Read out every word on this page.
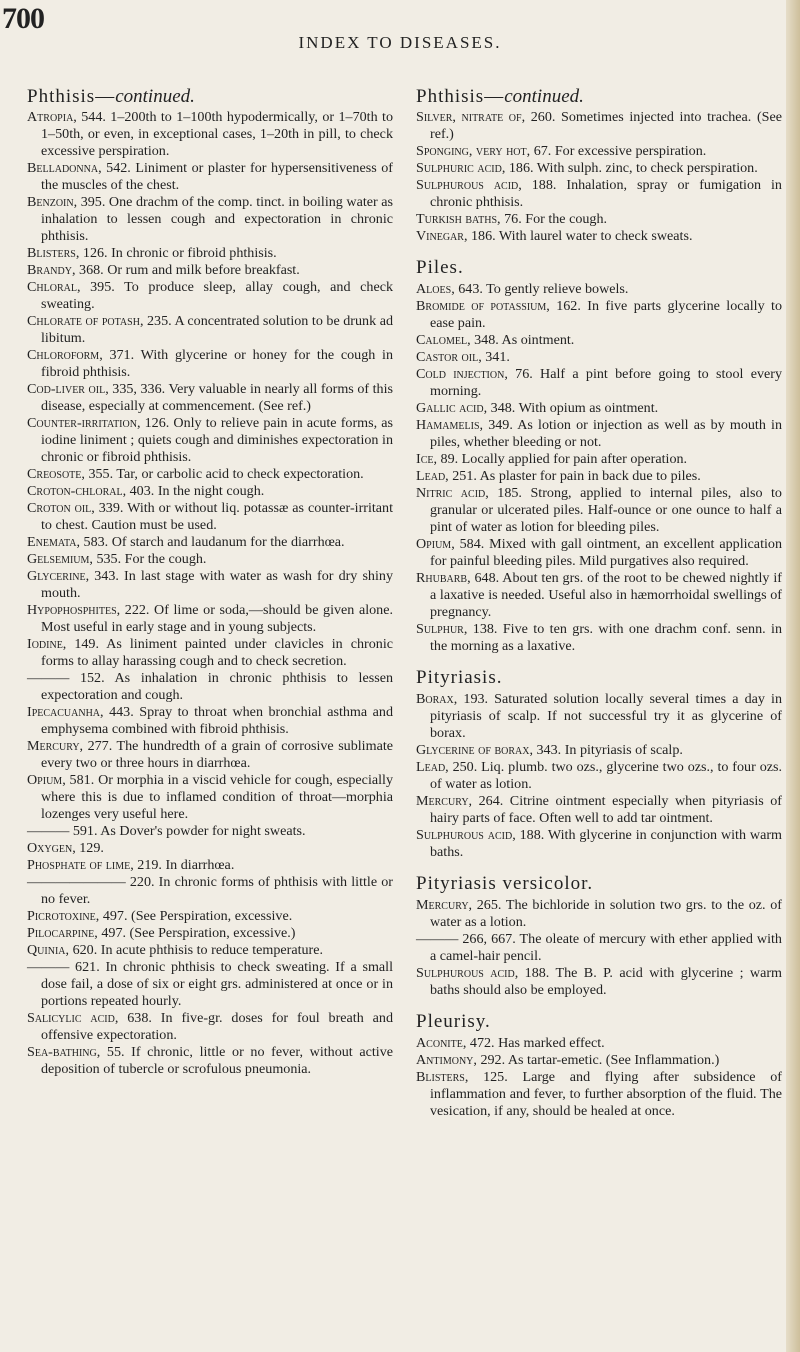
700
INDEX TO DISEASES.
Phthisis—continued.

Atropia, 544. 1–200th to 1–100th hypodermically, or 1–70th to 1–50th, or even, in exceptional cases, 1–20th in pill, to check excessive perspiration.

Belladonna, 542. Liniment or plaster for hypersensitiveness of the muscles of the chest.

Benzoin, 395. One drachm of the comp. tinct. in boiling water as inhalation to lessen cough and expectoration in chronic phthisis.

Blisters, 126. In chronic or fibroid phthisis.

Brandy, 368. Or rum and milk before breakfast.

Chloral, 395. To produce sleep, allay cough, and check sweating.

Chlorate of potash, 235. A concentrated solution to be drunk ad libitum.

Chloroform, 371. With glycerine or honey for the cough in fibroid phthisis.

Cod-liver oil, 335, 336. Very valuable in nearly all forms of this disease, especially at commencement. (See ref.)

Counter-irritation, 126. Only to relieve pain in acute forms, as iodine liniment ; quiets cough and diminishes expectoration in chronic or fibroid phthisis.

Creosote, 355. Tar, or carbolic acid to check expectoration.

Croton-chloral, 403. In the night cough.

Croton oil, 339. With or without liq. potassæ as counter-irritant to chest. Caution must be used.

Enemata, 583. Of starch and laudanum for the diarrhœa.

Gelsemium, 535. For the cough.

Glycerine, 343. In last stage with water as wash for dry shiny mouth.

Hypophosphites, 222. Of lime or soda,—should be given alone. Most useful in early stage and in young subjects.

Iodine, 149. As liniment painted under clavicles in chronic forms to allay harassing cough and to check secretion.

——— 152. As inhalation in chronic phthisis to lessen expectoration and cough.

Ipecacuanha, 443. Spray to throat when bronchial asthma and emphysema combined with fibroid phthisis.

Mercury, 277. The hundredth of a grain of corrosive sublimate every two or three hours in diarrhœa.

Opium, 581. Or morphia in a viscid vehicle for cough, especially where this is due to inflamed condition of throat—morphia lozenges very useful here.

——— 591. As Dover's powder for night sweats.

Oxygen, 129.

Phosphate of lime, 219. In diarrhœa.

——————— 220. In chronic forms of phthisis with little or no fever.

Picrotoxine, 497. (See Perspiration, excessive.

Pilocarpine, 497. (See Perspiration, excessive.)

Quinia, 620. In acute phthisis to reduce temperature.

——— 621. In chronic phthisis to check sweating. If a small dose fail, a dose of six or eight grs. administered at once or in portions repeated hourly.

Salicylic acid, 638. In five-gr. doses for foul breath and offensive expectoration.

Sea-bathing, 55. If chronic, little or no fever, without active deposition of tubercle or scrofulous pneumonia.

Phthisis—continued.

Silver, nitrate of, 260. Sometimes injected into trachea. (See ref.)

Sponging, very hot, 67. For excessive perspiration.

Sulphuric acid, 186. With sulph. zinc, to check perspiration.

Sulphurous acid, 188. Inhalation, spray or fumigation in chronic phthisis.

Turkish baths, 76. For the cough.

Vinegar, 186. With laurel water to check sweats.

Piles.

Aloes, 643. To gently relieve bowels.

Bromide of potassium, 162. In five parts glycerine locally to ease pain.

Calomel, 348. As ointment.

Castor oil, 341.

Cold injection, 76. Half a pint before going to stool every morning.

Gallic acid, 348. With opium as ointment.

Hamamelis, 349. As lotion or injection as well as by mouth in piles, whether bleeding or not.

Ice, 89. Locally applied for pain after operation.

Lead, 251. As plaster for pain in back due to piles.

Nitric acid, 185. Strong, applied to internal piles, also to granular or ulcerated piles. Half-ounce or one ounce to half a pint of water as lotion for bleeding piles.

Opium, 584. Mixed with gall ointment, an excellent application for painful bleeding piles. Mild purgatives also required.

Rhubarb, 648. About ten grs. of the root to be chewed nightly if a laxative is needed. Useful also in hæmorrhoidal swellings of pregnancy.

Sulphur, 138. Five to ten grs. with one drachm conf. senn. in the morning as a laxative.

Pityriasis.

Borax, 193. Saturated solution locally several times a day in pityriasis of scalp. If not successful try it as glycerine of borax.

Glycerine of borax, 343. In pityriasis of scalp.

Lead, 250. Liq. plumb. two ozs., glycerine two ozs., to four ozs. of water as lotion.

Mercury, 264. Citrine ointment especially when pityriasis of hairy parts of face. Often well to add tar ointment.

Sulphurous acid, 188. With glycerine in conjunction with warm baths.

Pityriasis versicolor.

Mercury, 265. The bichloride in solution two grs. to the oz. of water as a lotion.

——— 266, 667. The oleate of mercury with ether applied with a camel-hair pencil.

Sulphurous acid, 188. The B. P. acid with glycerine ; warm baths should also be employed.

Pleurisy.

Aconite, 472. Has marked effect.

Antimony, 292. As tartar-emetic. (See Inflammation.)

Blisters, 125. Large and flying after subsidence of inflammation and fever, to further absorption of the fluid. The vesication, if any, should be healed at once.
